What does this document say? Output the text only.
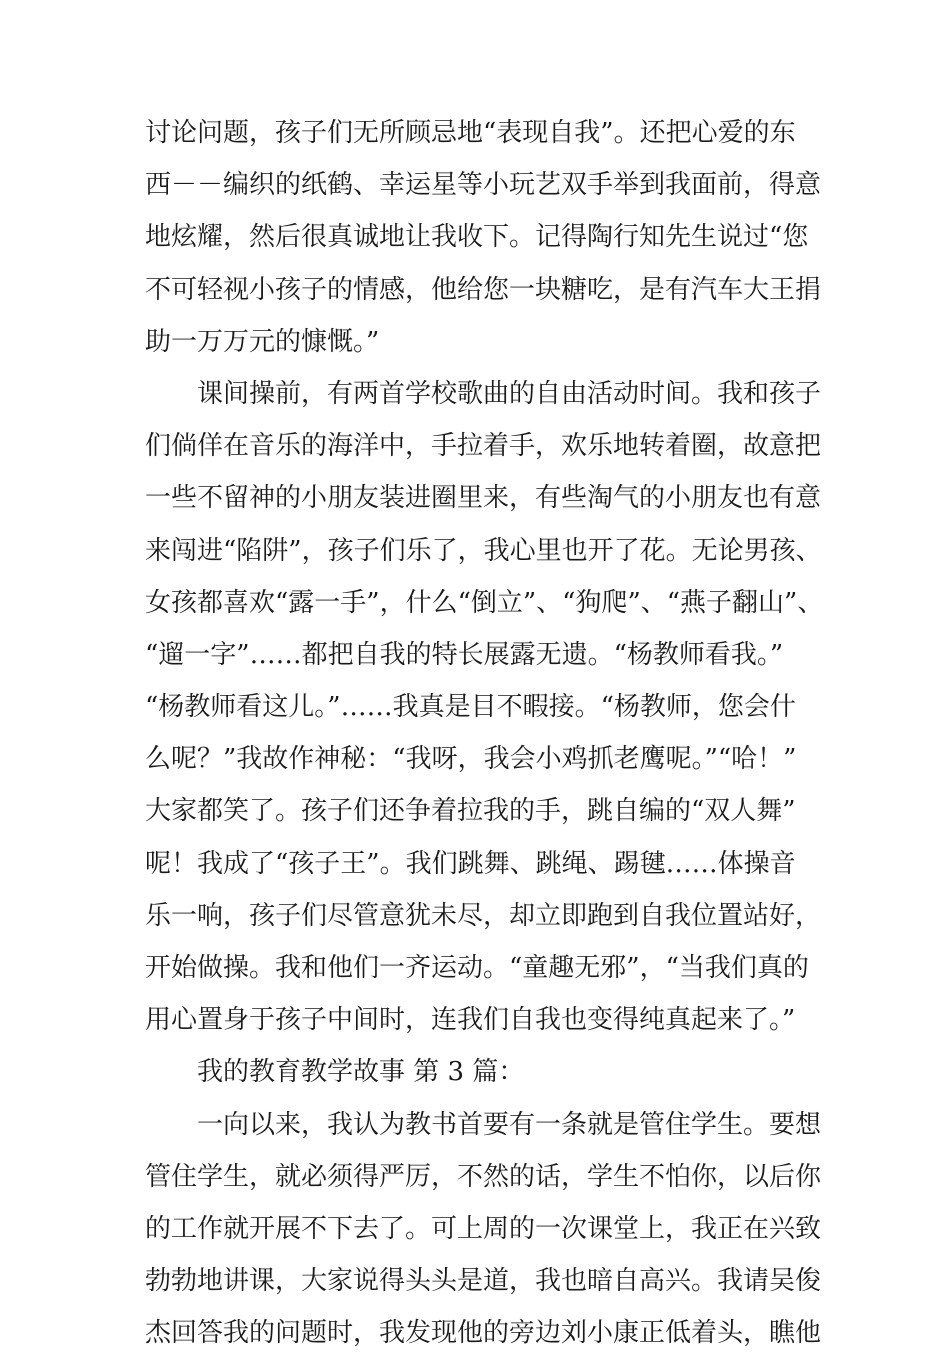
讨论问题，孩子们无所顾忌地“表现自我”。还把心爱的东
西－－编织的纸鹤、幸运星等小玩艺双手举到我面前，得意
地炫耀，然后很真诚地让我收下。记得陶行知先生说过“您
不可轻视小孩子的情感，他给您一块糖吃，是有汽车大王捐
助一万万元的慷慨。”
课间操前，有两首学校歌曲的自由活动时间。我和孩子
们倘佯在音乐的海洋中，手拉着手，欢乐地转着圈，故意把
一些不留神的小朋友装进圈里来，有些淘气的小朋友也有意
来闯进“陷阱”，孩子们乐了，我心里也开了花。无论男孩、
女孩都喜欢“露一手”，什么“倒立”、“狗爬”、“燕子翻山”、
“遛一字”……都把自我的特长展露无遗。“杨教师看我。”
“杨教师看这儿。”……我真是目不暇接。“杨教师，您会什
么呢？”我故作神秘：“我呀，我会小鸡抓老鹰呢。”“哈！”
大家都笑了。孩子们还争着拉我的手，跳自编的“双人舞”
呢！我成了“孩子王”。我们跳舞、跳绳、踢毽……体操音
乐一响，孩子们尽管意犹未尽，却立即跑到自我位置站好，
开始做操。我和他们一齐运动。“童趣无邪”，“当我们真的
用心置身于孩子中间时，连我们自我也变得纯真起来了。”
我的教育教学故事 第 3 篇：
一向以来，我认为教书首要有一条就是管住学生。要想
管住学生，就必须得严厉，不然的话，学生不怕你，以后你
的工作就开展不下去了。可上周的一次课堂上，我正在兴致
勃勃地讲课，大家说得头头是道，我也暗自高兴。我请吴俊
杰回答我的问题时，我发现他的旁边刘小康正低着头，瞧他
